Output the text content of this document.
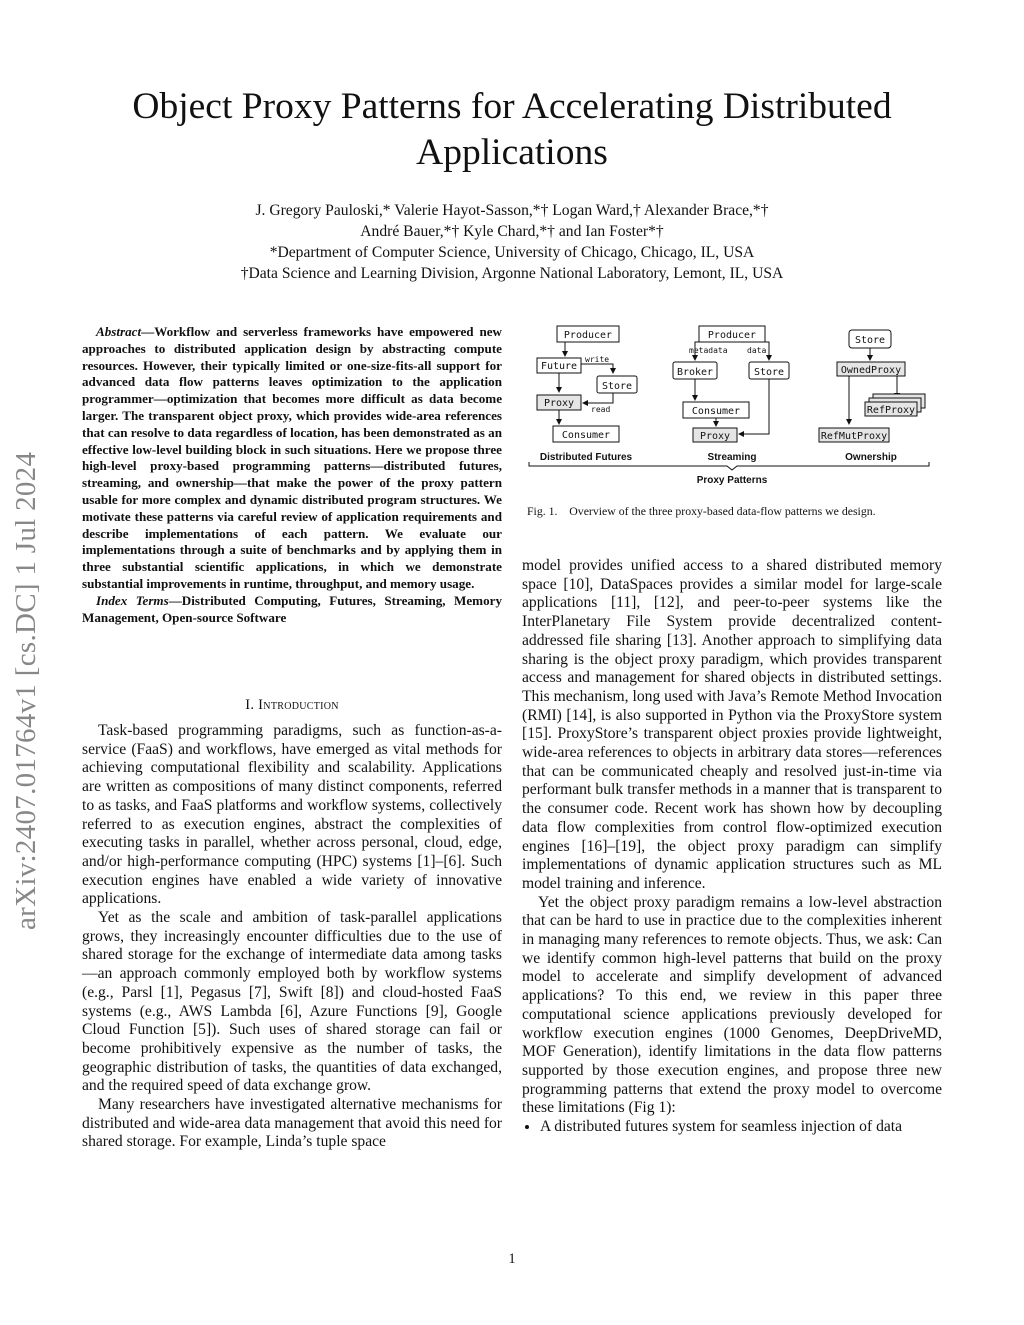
arXiv:2407.01764v1 [cs.DC] 1 Jul 2024
Object Proxy Patterns for Accelerating Distributed
Applications
J. Gregory Pauloski,* Valerie Hayot-Sasson,*† Logan Ward,† Alexander Brace,*†
André Bauer,*† Kyle Chard,*† and Ian Foster*†
*Department of Computer Science, University of Chicago, Chicago, IL, USA
†Data Science and Learning Division, Argonne National Laboratory, Lemont, IL, USA

Abstract—Workflow and serverless frameworks have empowered new approaches to distributed application design by abstracting compute resources. However, their typically limited or one-size-fits-all support for advanced data flow patterns leaves optimization to the application programmer—optimization that becomes more difficult as data become larger. The transparent object proxy, which provides wide-area references that can resolve to data regardless of location, has been demonstrated as an effective low-level building block in such situations. Here we propose three high-level proxy-based programming patterns—distributed futures, streaming, and ownership—that make the power of the proxy pattern usable for more complex and dynamic distributed program structures. We motivate these patterns via careful review of application requirements and describe implementations of each pattern. We evaluate our implementations through a suite of benchmarks and by applying them in three substantial scientific applications, in which we demonstrate substantial improvements in runtime, throughput, and memory usage.

Index Terms—Distributed Computing, Futures, Streaming, Memory Management, Open-source Software

I. Introduction

Task-based programming paradigms, such as function-as-a-service (FaaS) and workflows, have emerged as vital methods for achieving computational flexibility and scalability. Applications are written as compositions of many distinct components, referred to as tasks, and FaaS platforms and workflow systems, collectively referred to as execution engines, abstract the complexities of executing tasks in parallel, whether across personal, cloud, edge, and/or high-performance computing (HPC) systems [1]–[6]. Such execution engines have enabled a wide variety of innovative applications.

Yet as the scale and ambition of task-parallel applications grows, they increasingly encounter difficulties due to the use of shared storage for the exchange of intermediate data among tasks—an approach commonly employed both by workflow systems (e.g., Parsl [1], Pegasus [7], Swift [8]) and cloud-hosted FaaS systems (e.g., AWS Lambda [6], Azure Functions [9], Google Cloud Function [5]). Such uses of shared storage can fail or become prohibitively expensive as the number of tasks, the geographic distribution of tasks, the quantities of data exchanged, and the required speed of data exchange grow.

Many researchers have investigated alternative mechanisms for distributed and wide-area data management that avoid this need for shared storage. For example, Linda’s tuple space

Producer
Future
write
Store
Proxy
read
Consumer
Distributed Futures
Producer
metadata data
Broker	Store
Consumer
Proxy
Streaming
Store
OwnedProxy
RefProxy
RefMutProxy
Ownership
Proxy Patterns
Fig. 1. Overview of the three proxy-based data-flow patterns we design.

model provides unified access to a shared distributed memory space [10], DataSpaces provides a similar model for large-scale applications [11], [12], and peer-to-peer systems like the InterPlanetary File System provide decentralized content-addressed file sharing [13]. Another approach to simplifying data sharing is the object proxy paradigm, which provides transparent access and management for shared objects in distributed settings. This mechanism, long used with Java’s Remote Method Invocation (RMI) [14], is also supported in Python via the ProxyStore system [15]. ProxyStore’s transparent object proxies provide lightweight, wide-area references to objects in arbitrary data stores—references that can be communicated cheaply and resolved just-in-time via performant bulk transfer methods in a manner that is transparent to the consumer code. Recent work has shown how by decoupling data flow complexities from control flow-optimized execution engines [16]–[19], the object proxy paradigm can simplify implementations of dynamic application structures such as ML model training and inference.

Yet the object proxy paradigm remains a low-level abstraction that can be hard to use in practice due to the complexities inherent in managing many references to remote objects. Thus, we ask: Can we identify common high-level patterns that build on the proxy model to accelerate and simplify development of advanced applications? To this end, we review in this paper three computational science applications previously developed for workflow execution engines (1000 Genomes, DeepDriveMD, MOF Generation), identify limitations in the data flow patterns supported by those execution engines, and propose three new programming patterns that extend the proxy model to overcome these limitations (Fig 1):

• A distributed futures system for seamless injection of data
1
